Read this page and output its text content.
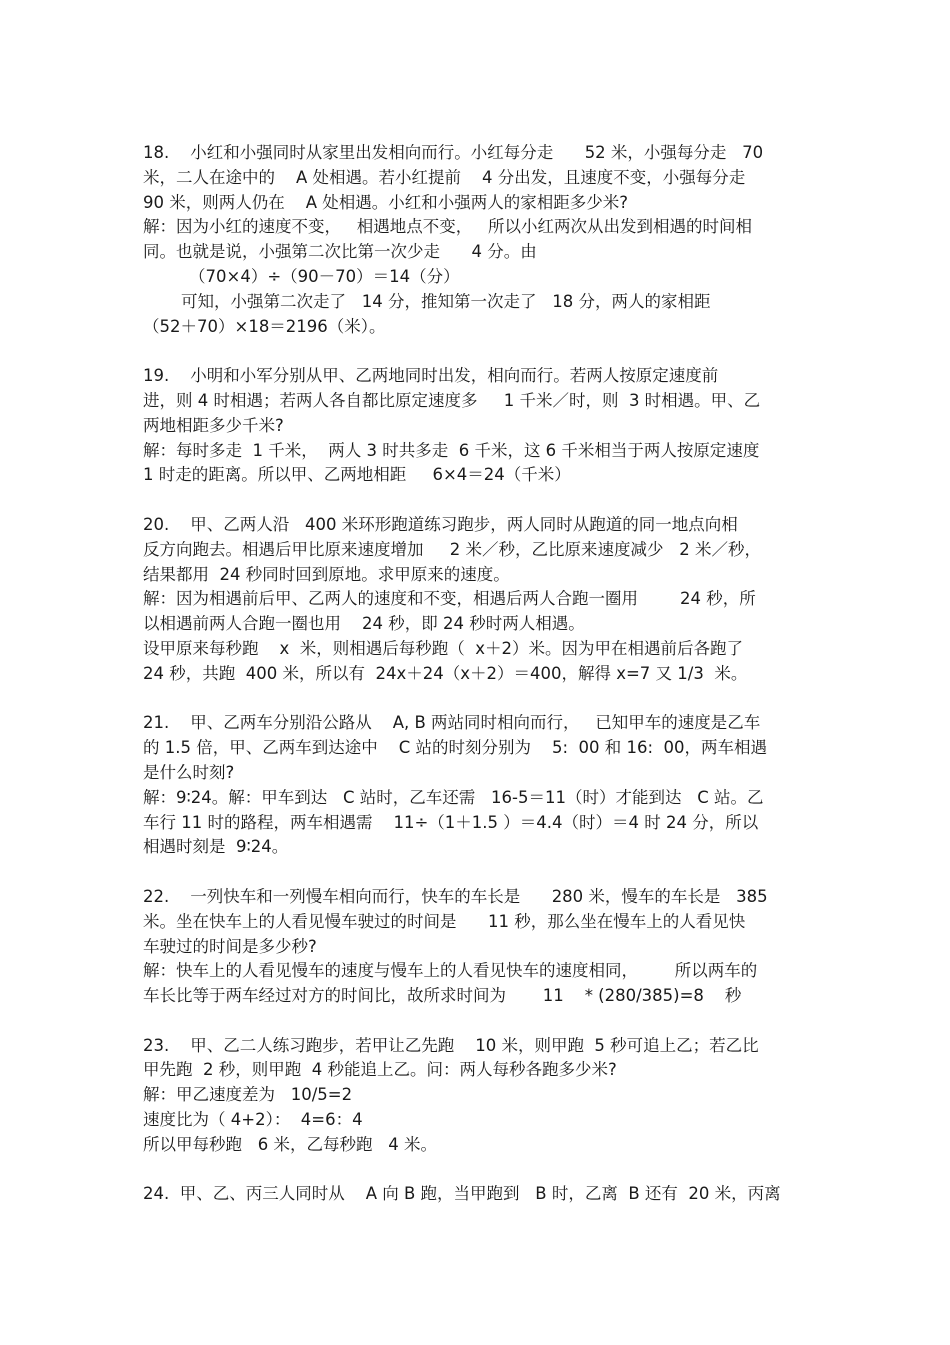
18.    小红和小强同时从家里出发相向而行。小红每分走      52 米，小强每分走   70
米，二人在途中的    A 处相遇。若小红提前    4 分出发，且速度不变，小强每分走
90 米，则两人仍在    A 处相遇。小红和小强两人的家相距多少米?
解：因为小红的速度不变，   相遇地点不变，   所以小红两次从出发到相遇的时间相
同。也就是说，小强第二次比第一次少走      4 分。由
（70×4）÷（90－70）＝14（分）
可知，小强第二次走了   14 分，推知第一次走了   18 分，两人的家相距
（52＋70）×18＝2196（米）。
19.    小明和小军分别从甲、乙两地同时出发，相向而行。若两人按原定速度前
进，则 4 时相遇；若两人各自都比原定速度多     1 千米／时，则  3 时相遇。甲、乙
两地相距多少千米?
解：每时多走  1 千米，  两人 3 时共多走  6 千米，这 6 千米相当于两人按原定速度
1 时走的距离。所以甲、乙两地相距     6×4＝24（千米）
20.    甲、乙两人沿   400 米环形跑道练习跑步，两人同时从跑道的同一地点向相
反方向跑去。相遇后甲比原来速度增加     2 米／秒，乙比原来速度减少   2 米／秒，
结果都用  24 秒同时回到原地。求甲原来的速度。
解：因为相遇前后甲、乙两人的速度和不变，相遇后两人合跑一圈用        24 秒，所
以相遇前两人合跑一圈也用    24 秒，即 24 秒时两人相遇。
设甲原来每秒跑    x  米，则相遇后每秒跑（  x＋2）米。因为甲在相遇前后各跑了
24 秒，共跑  400 米，所以有  24x＋24（x＋2）＝400，解得 x=7 又 1/3  米。
21.    甲、乙两车分别沿公路从    A, B 两站同时相向而行，   已知甲车的速度是乙车
的 1.5 倍，甲、乙两车到达途中    C 站的时刻分别为    5:  00 和 16:  00，两车相遇
是什么时刻?
解：9∶24。解：甲车到达   C 站时，乙车还需   16-5＝11（时）才能到达   C 站。乙
车行 11 时的路程，两车相遇需    11÷（1＋1.5 ）＝4.4（时）＝4 时 24 分，所以
相遇时刻是  9∶24。
22.    一列快车和一列慢车相向而行，快车的车长是      280 米，慢车的车长是   385
米。坐在快车上的人看见慢车驶过的时间是      11 秒，那么坐在慢车上的人看见快
车驶过的时间是多少秒?
解：快车上的人看见慢车的速度与慢车上的人看见快车的速度相同，       所以两车的
车长比等于两车经过对方的时间比，故所求时间为       11    * (280/385)=8    秒
23.    甲、乙二人练习跑步，若甲让乙先跑    10 米，则甲跑  5 秒可追上乙；若乙比
甲先跑  2 秒，则甲跑  4 秒能追上乙。问：两人每秒各跑多少米?
解：甲乙速度差为   10/5=2
速度比为（ 4+2）：  4=6：4
所以甲每秒跑   6 米，乙每秒跑   4 米。
24.  甲、乙、丙三人同时从    A 向 B 跑，当甲跑到   B 时，乙离  B 还有  20 米，丙离
